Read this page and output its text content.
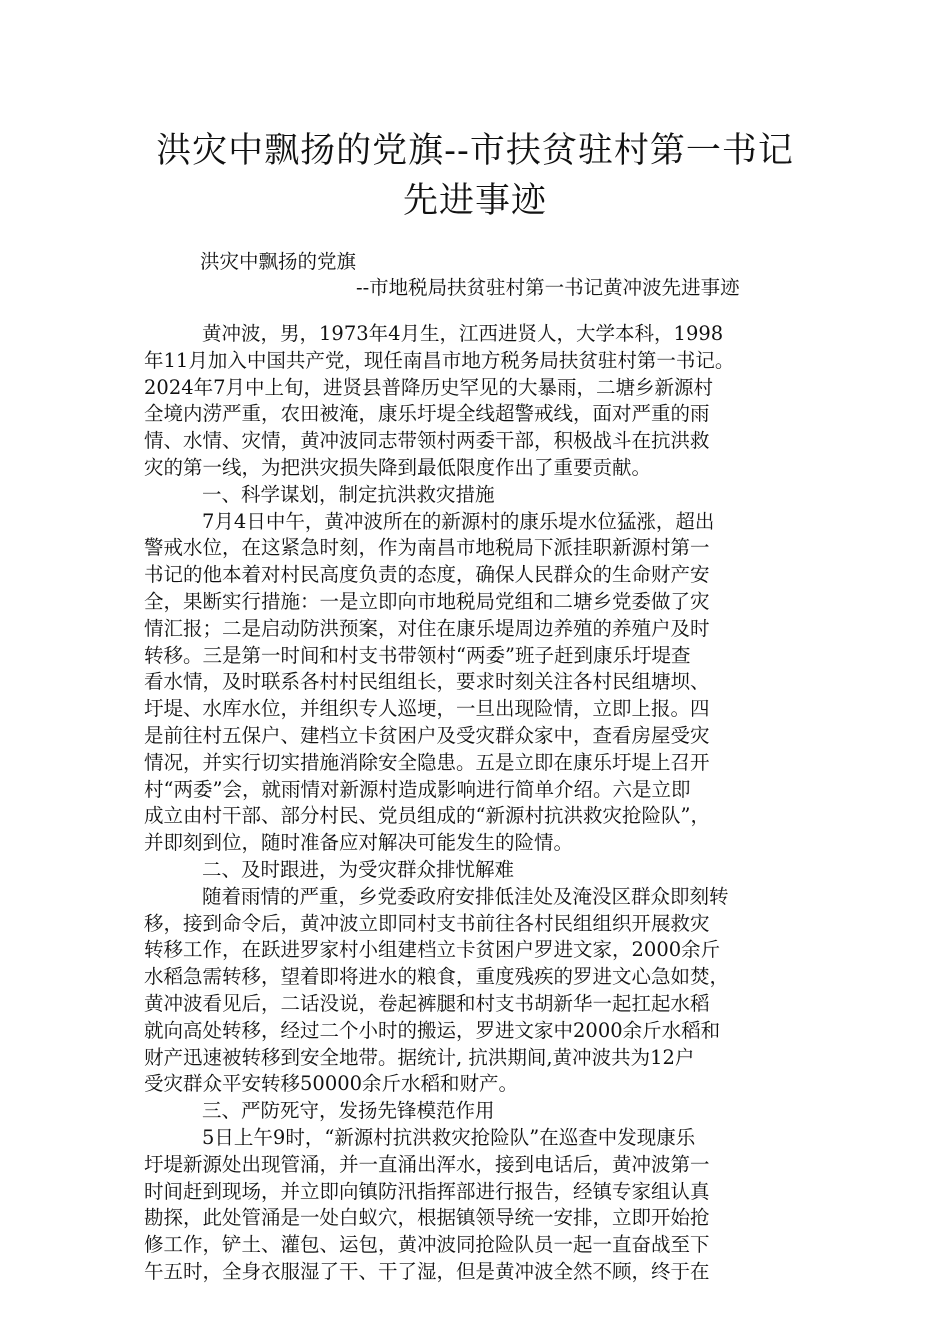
洪灾中飘扬的党旗--市扶贫驻村第一书记
先进事迹
洪灾中飘扬的党旗
--市地税局扶贫驻村第一书记黄冲波先进事迹
黄冲波，男，1973年4月生，江西进贤人，大学本科，1998
年11月加入中国共产党，现任南昌市地方税务局扶贫驻村第一书记。
2024年7月中上旬，进贤县普降历史罕见的大暴雨，二塘乡新源村
全境内涝严重，农田被淹，康乐圩堤全线超警戒线，面对严重的雨
情、水情、灾情，黄冲波同志带领村两委干部，积极战斗在抗洪救
灾的第一线，为把洪灾损失降到最低限度作出了重要贡献。
一、科学谋划，制定抗洪救灾措施
7月4日中午，黄冲波所在的新源村的康乐堤水位猛涨，超出
警戒水位，在这紧急时刻，作为南昌市地税局下派挂职新源村第一
书记的他本着对村民高度负责的态度，确保人民群众的生命财产安
全，果断实行措施：一是立即向市地税局党组和二塘乡党委做了灾
情汇报；二是启动防洪预案，对住在康乐堤周边养殖的养殖户及时
转移。三是第一时间和村支书带领村“两委”班子赶到康乐圩堤查
看水情，及时联系各村村民组组长，要求时刻关注各村民组塘坝、
圩堤、水库水位，并组织专人巡埂，一旦出现险情，立即上报。四
是前往村五保户、建档立卡贫困户及受灾群众家中，查看房屋受灾
情况，并实行切实措施消除安全隐患。五是立即在康乐圩堤上召开
村“两委”会，就雨情对新源村造成影响进行简单介绍。六是立即
成立由村干部、部分村民、党员组成的“新源村抗洪救灾抢险队”，
并即刻到位，随时准备应对解决可能发生的险情。
二、及时跟进，为受灾群众排忧解难
随着雨情的严重，乡党委政府安排低洼处及淹没区群众即刻转
移，接到命令后，黄冲波立即同村支书前往各村民组组织开展救灾
转移工作，在跃进罗家村小组建档立卡贫困户罗进文家，2000余斤
水稻急需转移，望着即将进水的粮食，重度残疾的罗进文心急如焚，
黄冲波看见后，二话没说，卷起裤腿和村支书胡新华一起扛起水稻
就向高处转移，经过二个小时的搬运，罗进文家中2000余斤水稻和
财产迅速被转移到安全地带。据统计, 抗洪期间,黄冲波共为12户
受灾群众平安转移50000余斤水稻和财产。
三、严防死守，发扬先锋模范作用
5日上午9时，“新源村抗洪救灾抢险队”在巡查中发现康乐
圩堤新源处出现管涌，并一直涌出浑水，接到电话后，黄冲波第一
时间赶到现场，并立即向镇防汛指挥部进行报告，经镇专家组认真
勘探，此处管涌是一处白蚁穴，根据镇领导统一安排，立即开始抢
修工作，铲土、灌包、运包，黄冲波同抢险队员一起一直奋战至下
午五时，全身衣服湿了干、干了湿，但是黄冲波全然不顾，终于在
